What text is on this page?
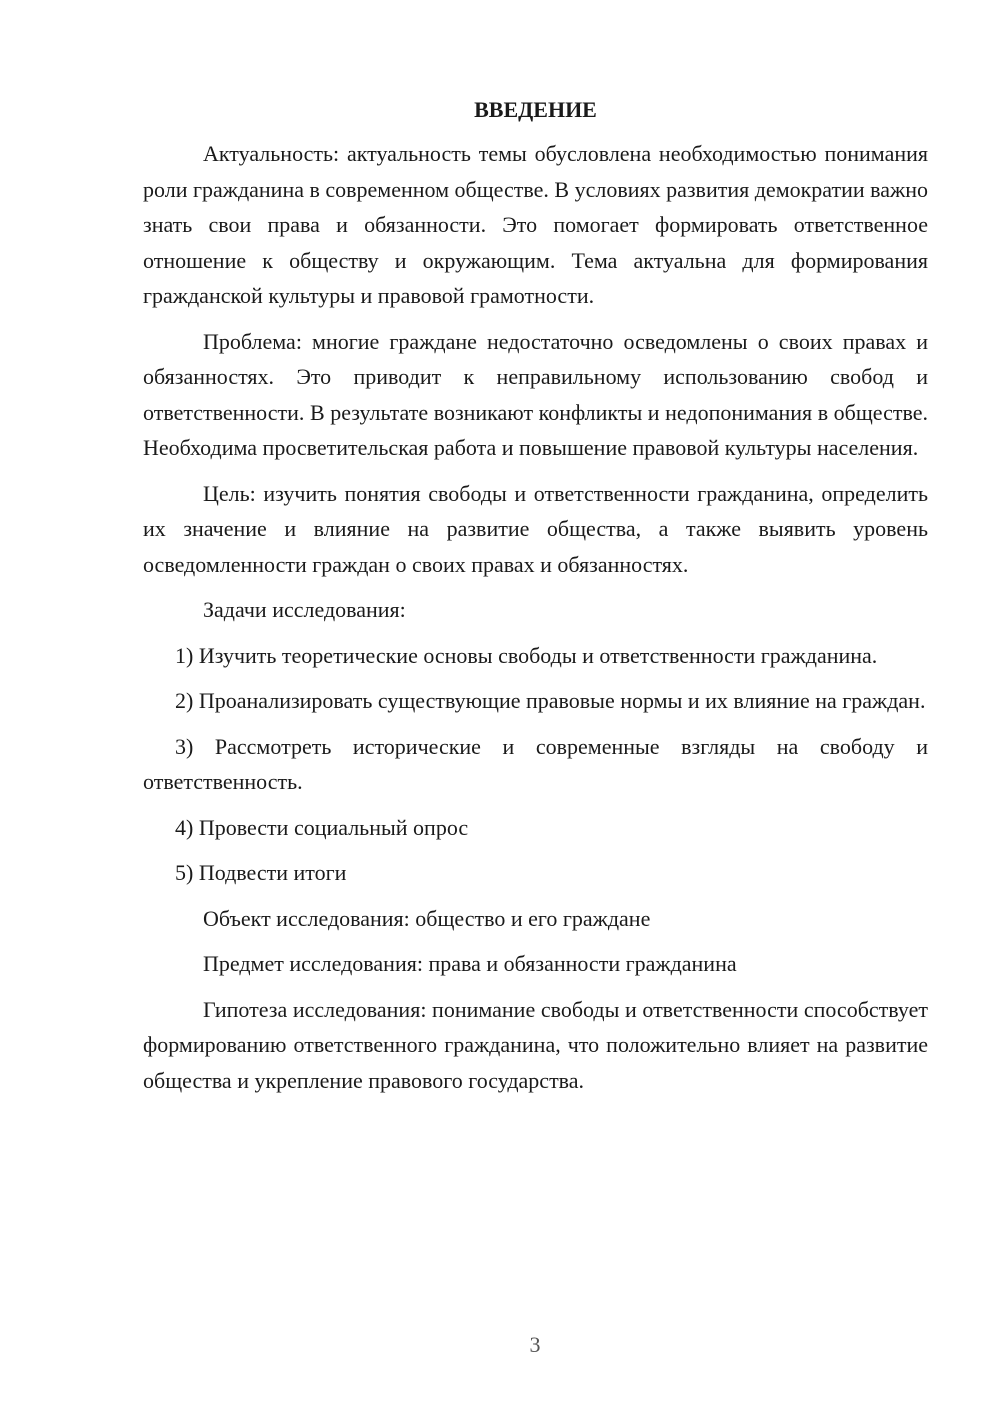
ВВЕДЕНИЕ

Актуальность: актуальность темы обусловлена необходимостью понимания роли гражданина в современном обществе. В условиях развития демократии важно знать свои права и обязанности. Это помогает формировать ответственное отношение к обществу и окружающим. Тема актуальна для формирования гражданской культуры и правовой грамотности.

Проблема: многие граждане недостаточно осведомлены о своих правах и обязанностях. Это приводит к неправильному использованию свобод и ответственности. В результате возникают конфликты и недопонимания в обществе. Необходима просветительская работа и повышение правовой культуры населения.

Цель: изучить понятия свободы и ответственности гражданина, определить их значение и влияние на развитие общества, а также выявить уровень осведомленности граждан о своих правах и обязанностях.

Задачи исследования:

1) Изучить теоретические основы свободы и ответственности гражданина.

2) Проанализировать существующие правовые нормы и их влияние на граждан.

3) Рассмотреть исторические и современные взгляды на свободу и ответственность.

4) Провести социальный опрос

5) Подвести итоги

Объект исследования: общество и его граждане

Предмет исследования: права и обязанности гражданина

Гипотеза исследования: понимание свободы и ответственности способствует формированию ответственного гражданина, что положительно влияет на развитие общества и укрепление правового государства.

3
